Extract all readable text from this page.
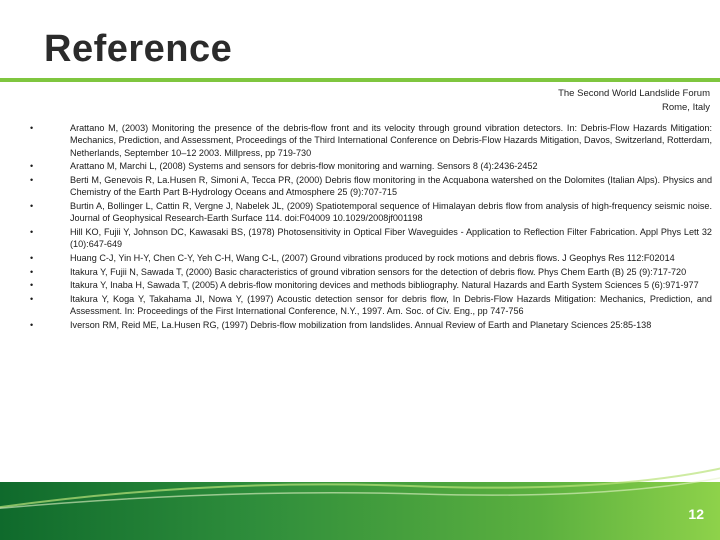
Reference
The Second World Landslide Forum
Rome, Italy
•	Arattano M, (2003) Monitoring the presence of the debris-flow front and its velocity through ground vibration detectors. In: Debris-Flow Hazards Mitigation: Mechanics, Prediction, and Assessment, Proceedings of the Third International Conference on Debris-Flow Hazards Mitigation, Davos, Switzerland, Rotterdam, Netherlands, September 10–12 2003. Millpress, pp 719-730
•	Arattano M, Marchi L, (2008) Systems and sensors for debris-flow monitoring and warning. Sensors 8 (4):2436-2452
•	Berti M, Genevois R, La.Husen R, Simoni A, Tecca PR, (2000) Debris flow monitoring in the Acquabona watershed on the Dolomites (Italian Alps). Physics and Chemistry of the Earth Part B-Hydrology Oceans and Atmosphere 25 (9):707-715
•	Burtin A, Bollinger L, Cattin R, Vergne J, Nabelek JL, (2009) Spatiotemporal sequence of Himalayan debris flow from analysis of high-frequency seismic noise. Journal of Geophysical Research-Earth Surface 114. doi:F04009 10.1029/2008jf001198
•	Hill KO, Fujii Y, Johnson DC, Kawasaki BS, (1978) Photosensitivity in Optical Fiber Waveguides - Application to Reflection Filter Fabrication. Appl Phys Lett 32 (10):647-649
•	Huang C-J, Yin H-Y, Chen C-Y, Yeh C-H, Wang C-L, (2007) Ground vibrations produced by rock motions and debris flows. J Geophys Res 112:F02014
•	Itakura Y, Fujii N, Sawada T, (2000) Basic characteristics of ground vibration sensors for the detection of debris flow. Phys Chem Earth (B) 25 (9):717-720
•	Itakura Y, Inaba H, Sawada T, (2005) A debris-flow monitoring devices and methods bibliography. Natural Hazards and Earth System Sciences 5 (6):971-977
•	Itakura Y, Koga Y, Takahama JI, Nowa Y, (1997) Acoustic detection sensor for debris flow, In Debris-Flow Hazards Mitigation: Mechanics, Prediction, and Assessment. In: Proceedings of the First International Conference, N.Y., 1997. Am. Soc. of Civ. Eng., pp 747-756
•	Iverson RM, Reid ME, La.Husen RG, (1997) Debris-flow mobilization from landslides. Annual Review of Earth and Planetary Sciences 25:85-138
12
